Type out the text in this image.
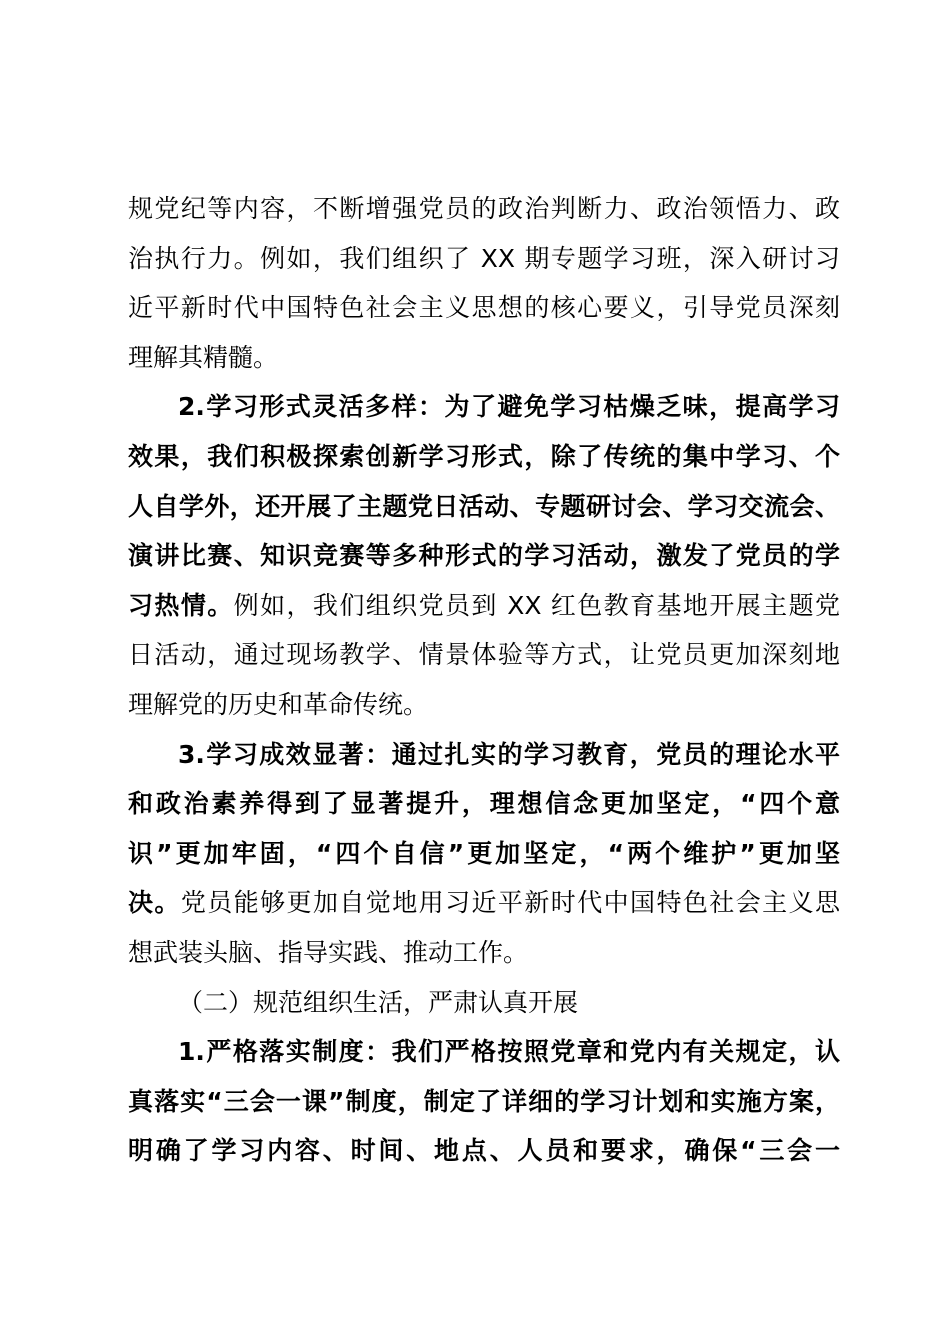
规党纪等内容，不断增强党员的政治判断力、政治领悟力、政
治执行力。例如，我们组织了 XX 期专题学习班，深入研讨习
近平新时代中国特色社会主义思想的核心要义，引导党员深刻
理解其精髓。
2.学习形式灵活多样：为了避免学习枯燥乏味，提高学习
效果，我们积极探索创新学习形式，除了传统的集中学习、个
人自学外，还开展了主题党日活动、专题研讨会、学习交流会、
演讲比赛、知识竞赛等多种形式的学习活动，激发了党员的学
习热情。例如，我们组织党员到 XX 红色教育基地开展主题党
日活动，通过现场教学、情景体验等方式，让党员更加深刻地
理解党的历史和革命传统。
3.学习成效显著：通过扎实的学习教育，党员的理论水平
和政治素养得到了显著提升，理想信念更加坚定，“四个意
识”更加牢固，“四个自信”更加坚定，“两个维护”更加坚
决。党员能够更加自觉地用习近平新时代中国特色社会主义思
想武装头脑、指导实践、推动工作。
（二）规范组织生活，严肃认真开展
1.严格落实制度：我们严格按照党章和党内有关规定，认
真落实“三会一课”制度，制定了详细的学习计划和实施方案，
明确了学习内容、时间、地点、人员和要求，确保“三会一
